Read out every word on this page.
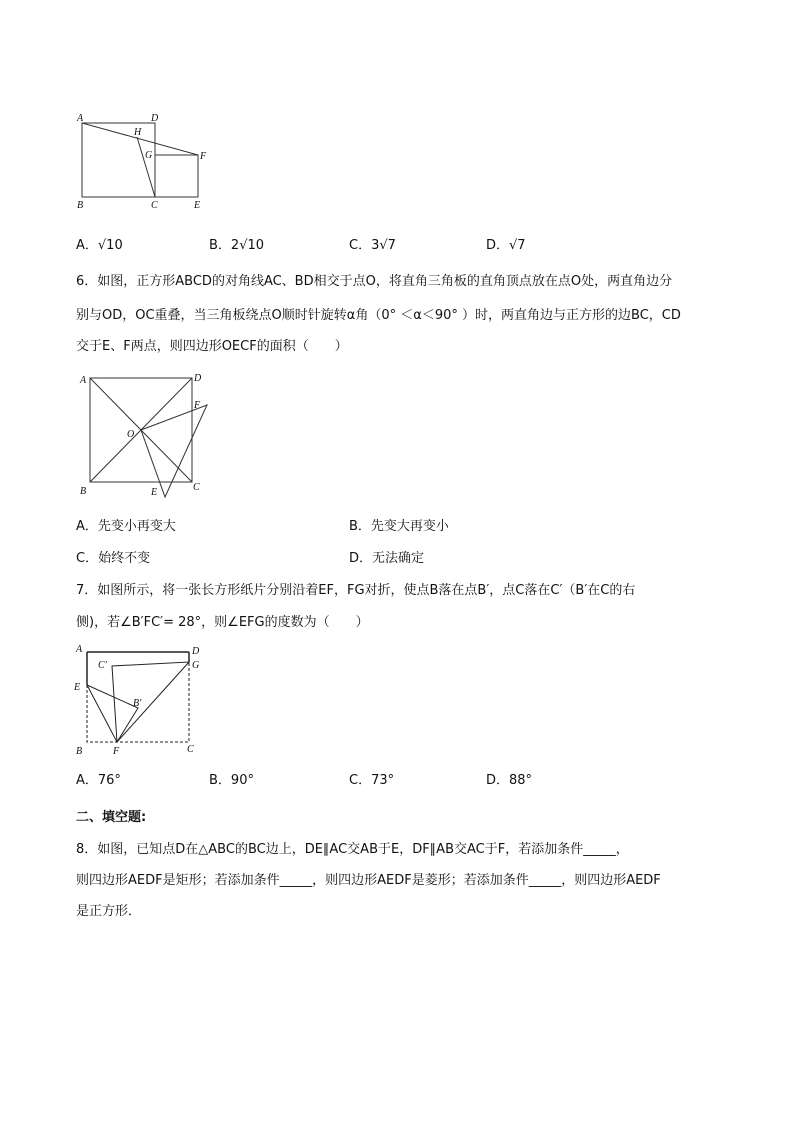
A	D
H
G	F
B	C	E
A．√10	B．2√10	C．3√7	D．√7
6．如图，正方形ABCD的对角线AC、BD相交于点O，将直角三角板的直角顶点放在点O处，两直角边分
别与OD，OC重叠，当三角板绕点O顺时针旋转α角（0° ＜α＜90° ）时，两直角边与正方形的边BC，CD
交于E、F两点，则四边形OECF的面积（　　）
A	D
F
O
B	E	C
A．先变小再变大	B．先变大再变小
C．始终不变	D．无法确定
7．如图所示，将一张长方形纸片分别沿着EF，FG对折，使点B落在点B′，点C落在C′（B′在C的右
侧)，若∠B′FC′= 28°，则∠EFG的度数为（　　）
A	D
C′	G
E
B′
B	F	C
A．76°	B．90°	C．73°	D．88°
二、填空题:
8．如图，已知点D在△ABC的BC边上，DE∥AC交AB于E，DF∥AB交AC于F，若添加条件_____，
则四边形AEDF是矩形；若添加条件_____，则四边形AEDF是菱形；若添加条件_____，则四边形AEDF
是正方形．
